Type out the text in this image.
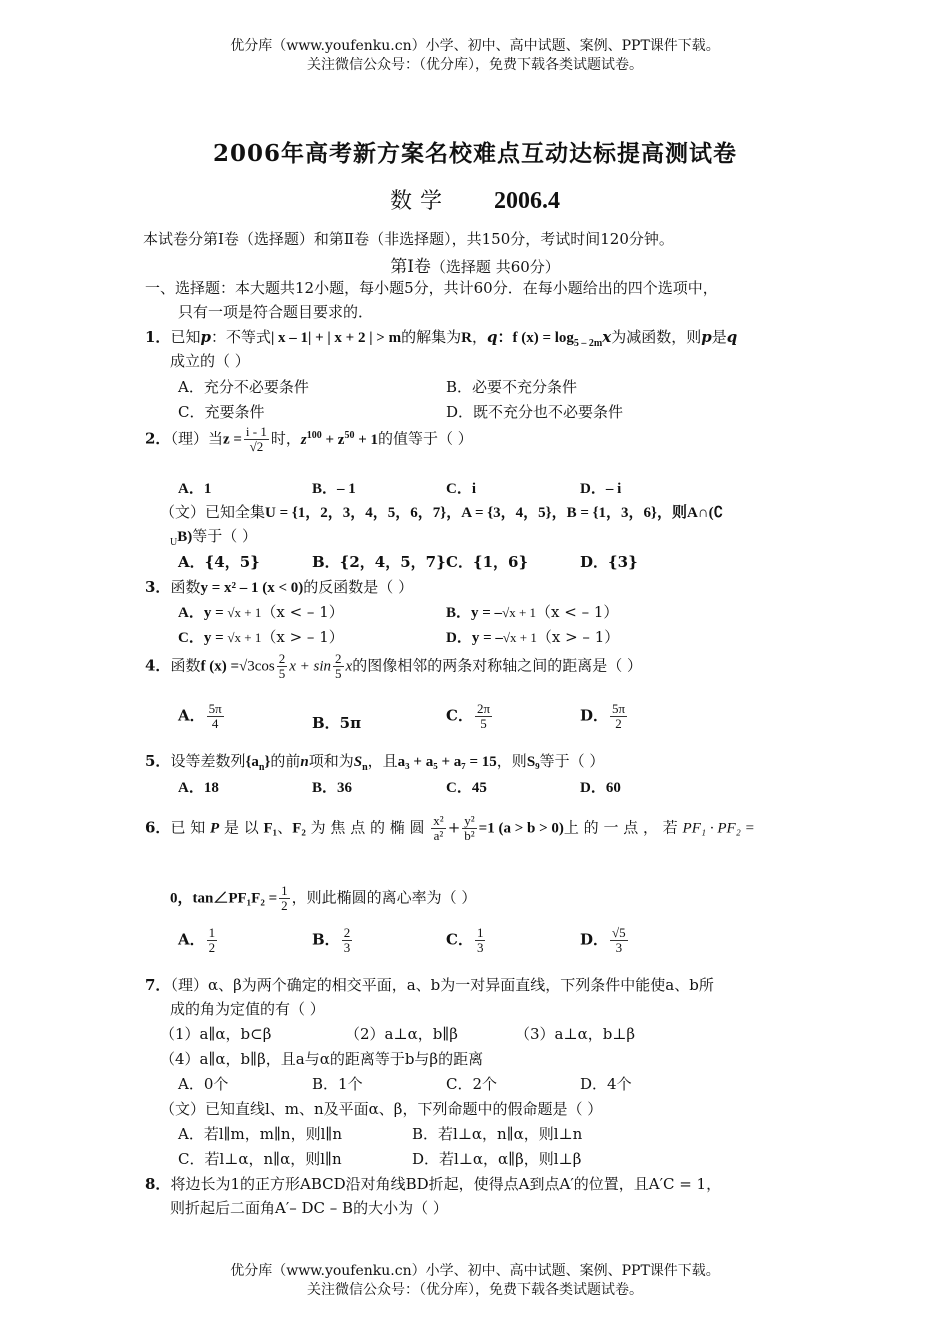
优分库（www.youfenku.cn）小学、初中、高中试题、案例、PPT课件下载。
关注微信公众号：（优分库），免费下载各类试题试卷。
2006年高考新方案名校难点互动达标提高测试卷
数学 2006.4
本试卷分第Ⅰ卷（选择题）和第Ⅱ卷（非选择题），共150分，考试时间120分钟。
第Ⅰ卷（选择题 共60分）
一、选择题：本大题共12小题，每小题5分，共计60分．在每小题给出的四个选项中，
只有一项是符合题目要求的．
1．已知p：不等式| x – 1| + | x + 2 | > m的解集为R，q：f $(x) = \log_{5 - 2m}x$为减函数，则p是q
成立的（ ）
A．充分不必要条件	B．必要不充分条件
C．充要条件	D．既不充分也不必要条件
2．（理）当$z = \frac{i - 1}{√2}$ 时，$z^{100} + z^{50} + 1$的值等于（ ）
A．1	B．– 1	C．i	D．– i
（文）已知全集U = {1，2，3，4，5，6，7}，A = {3，4，5}，B = {1，3，6}，则A∩(∁
$_U$B)等于（ ）
A．{4，5}	B．{2，4，5，7} C．{1，6}	D．{3}
3．函数y = x² – 1 (x < 0)的反函数是（ ）
A．y = √x + 1（x < – 1）	B．y = –√x + 1（x < – 1）
C．y = √x + 1（x > – 1）	D．y = –√x + 1（x > – 1）
4．函数f $(x) =√3\cos \frac{2}{5}$ $x + \sin \frac{2}{5}$ x的图像相邻的两条对称轴之间的距离是（ ）
A． $\frac{5\pi}{4}$	B．5π	C． $\frac{2\pi}{5}$	D． $\frac{5\pi}{2}$
5．设等差数列$\{a_n\}$的前n项和为$S_n$，且a₃ + a₅ + a₇ = 15，则S₉等于（ ）
A．18	B．36	C．45	D．60
6．已 知 P 是 以 F₁、F₂ 为 焦 点 的 椭 圆 $\frac{\text{x²}}{\text{a²}} + \frac{\text{y²}}{\text{b²}} =1$ (a > b > 0)上 的 一 点 ， 若 PF₁ · PF₂ =
0，tan∠PF₁F₂ = $\frac{1}{2}$ ，则此椭圆的离心率为（ ）
A． $\frac{1}{2}$	B． $\frac{2}{3}$	C． $\frac{1}{3}$	D． $\frac{√5}{3}$
7．（理）α、β为两个确定的相交平面，a、b为一对异面直线，下列条件中能使a、b所
成的角为定值的有（ ）
（1）a∥α，b⊂β	（2）a⊥α，b∥β	（3）a⊥α，b⊥β
（4）a∥α，b∥β，且a与α的距离等于b与β的距离
A．0个	B．1个	C．2个	D．4个
（文）已知直线l、m、n及平面α、β，下列命题中的假命题是（ ）
A．若l∥m，m∥n，则l∥n	B．若l⊥α，n∥α，则l⊥n
C．若l⊥α，n∥α，则l∥n	D．若l⊥α，α∥β，则l⊥β
8．将边长为1的正方形ABCD沿对角线BD折起，使得点A到点A′的位置，且A′C = 1，
则折起后二面角A′– DC – B的大小为（ ）
优分库（www.youfenku.cn）小学、初中、高中试题、案例、PPT课件下载。
关注微信公众号：（优分库），免费下载各类试题试卷。
